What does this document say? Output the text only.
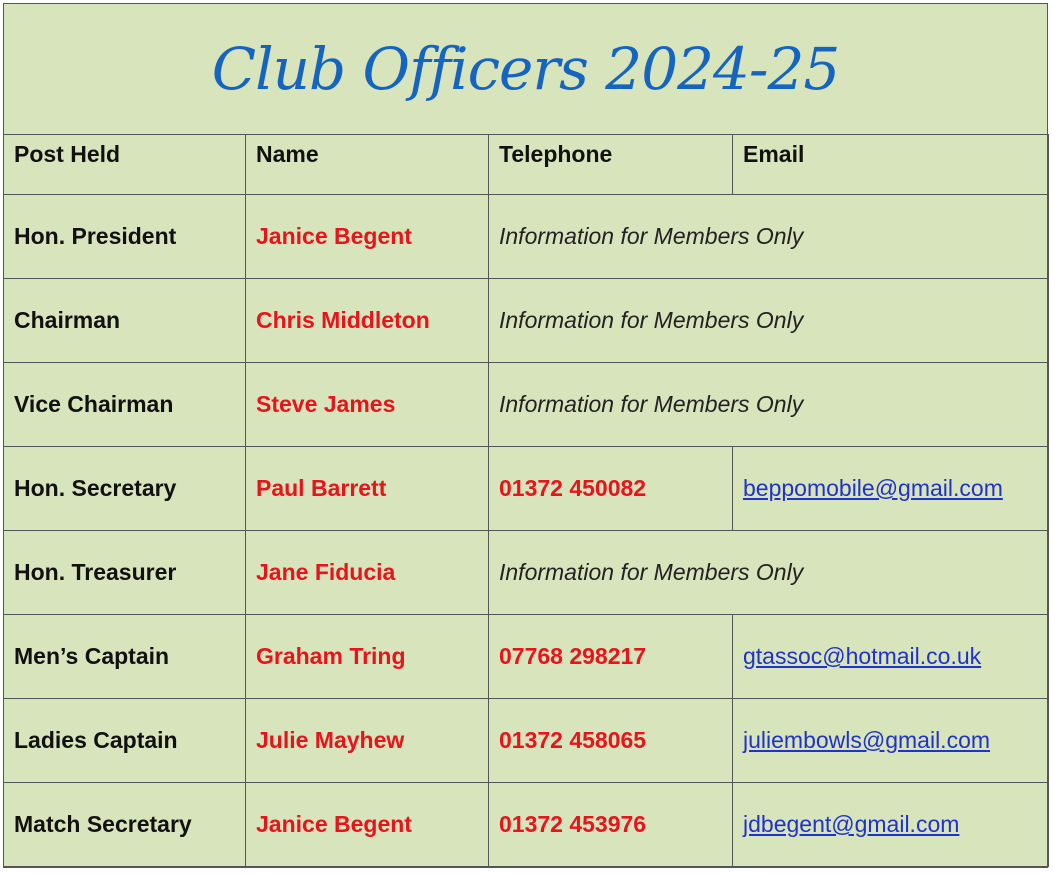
Club Officers 2024-25
Post Held	Name	Telephone	Email
Hon. President	Janice Begent	Information for Members Only	
Chairman	Chris Middleton	Information for Members Only	
Vice Chairman	Steve James	Information for Members Only	
Hon. Secretary	Paul Barrett	01372 450082	beppomobile@gmail.com
Hon. Treasurer	Jane Fiducia	Information for Members Only	
Men’s Captain	Graham Tring	07768 298217	gtassoc@hotmail.co.uk
Ladies Captain	Julie Mayhew	01372 458065	juliembowls@gmail.com
Match Secretary	Janice Begent	01372 453976	jdbegent@gmail.com
